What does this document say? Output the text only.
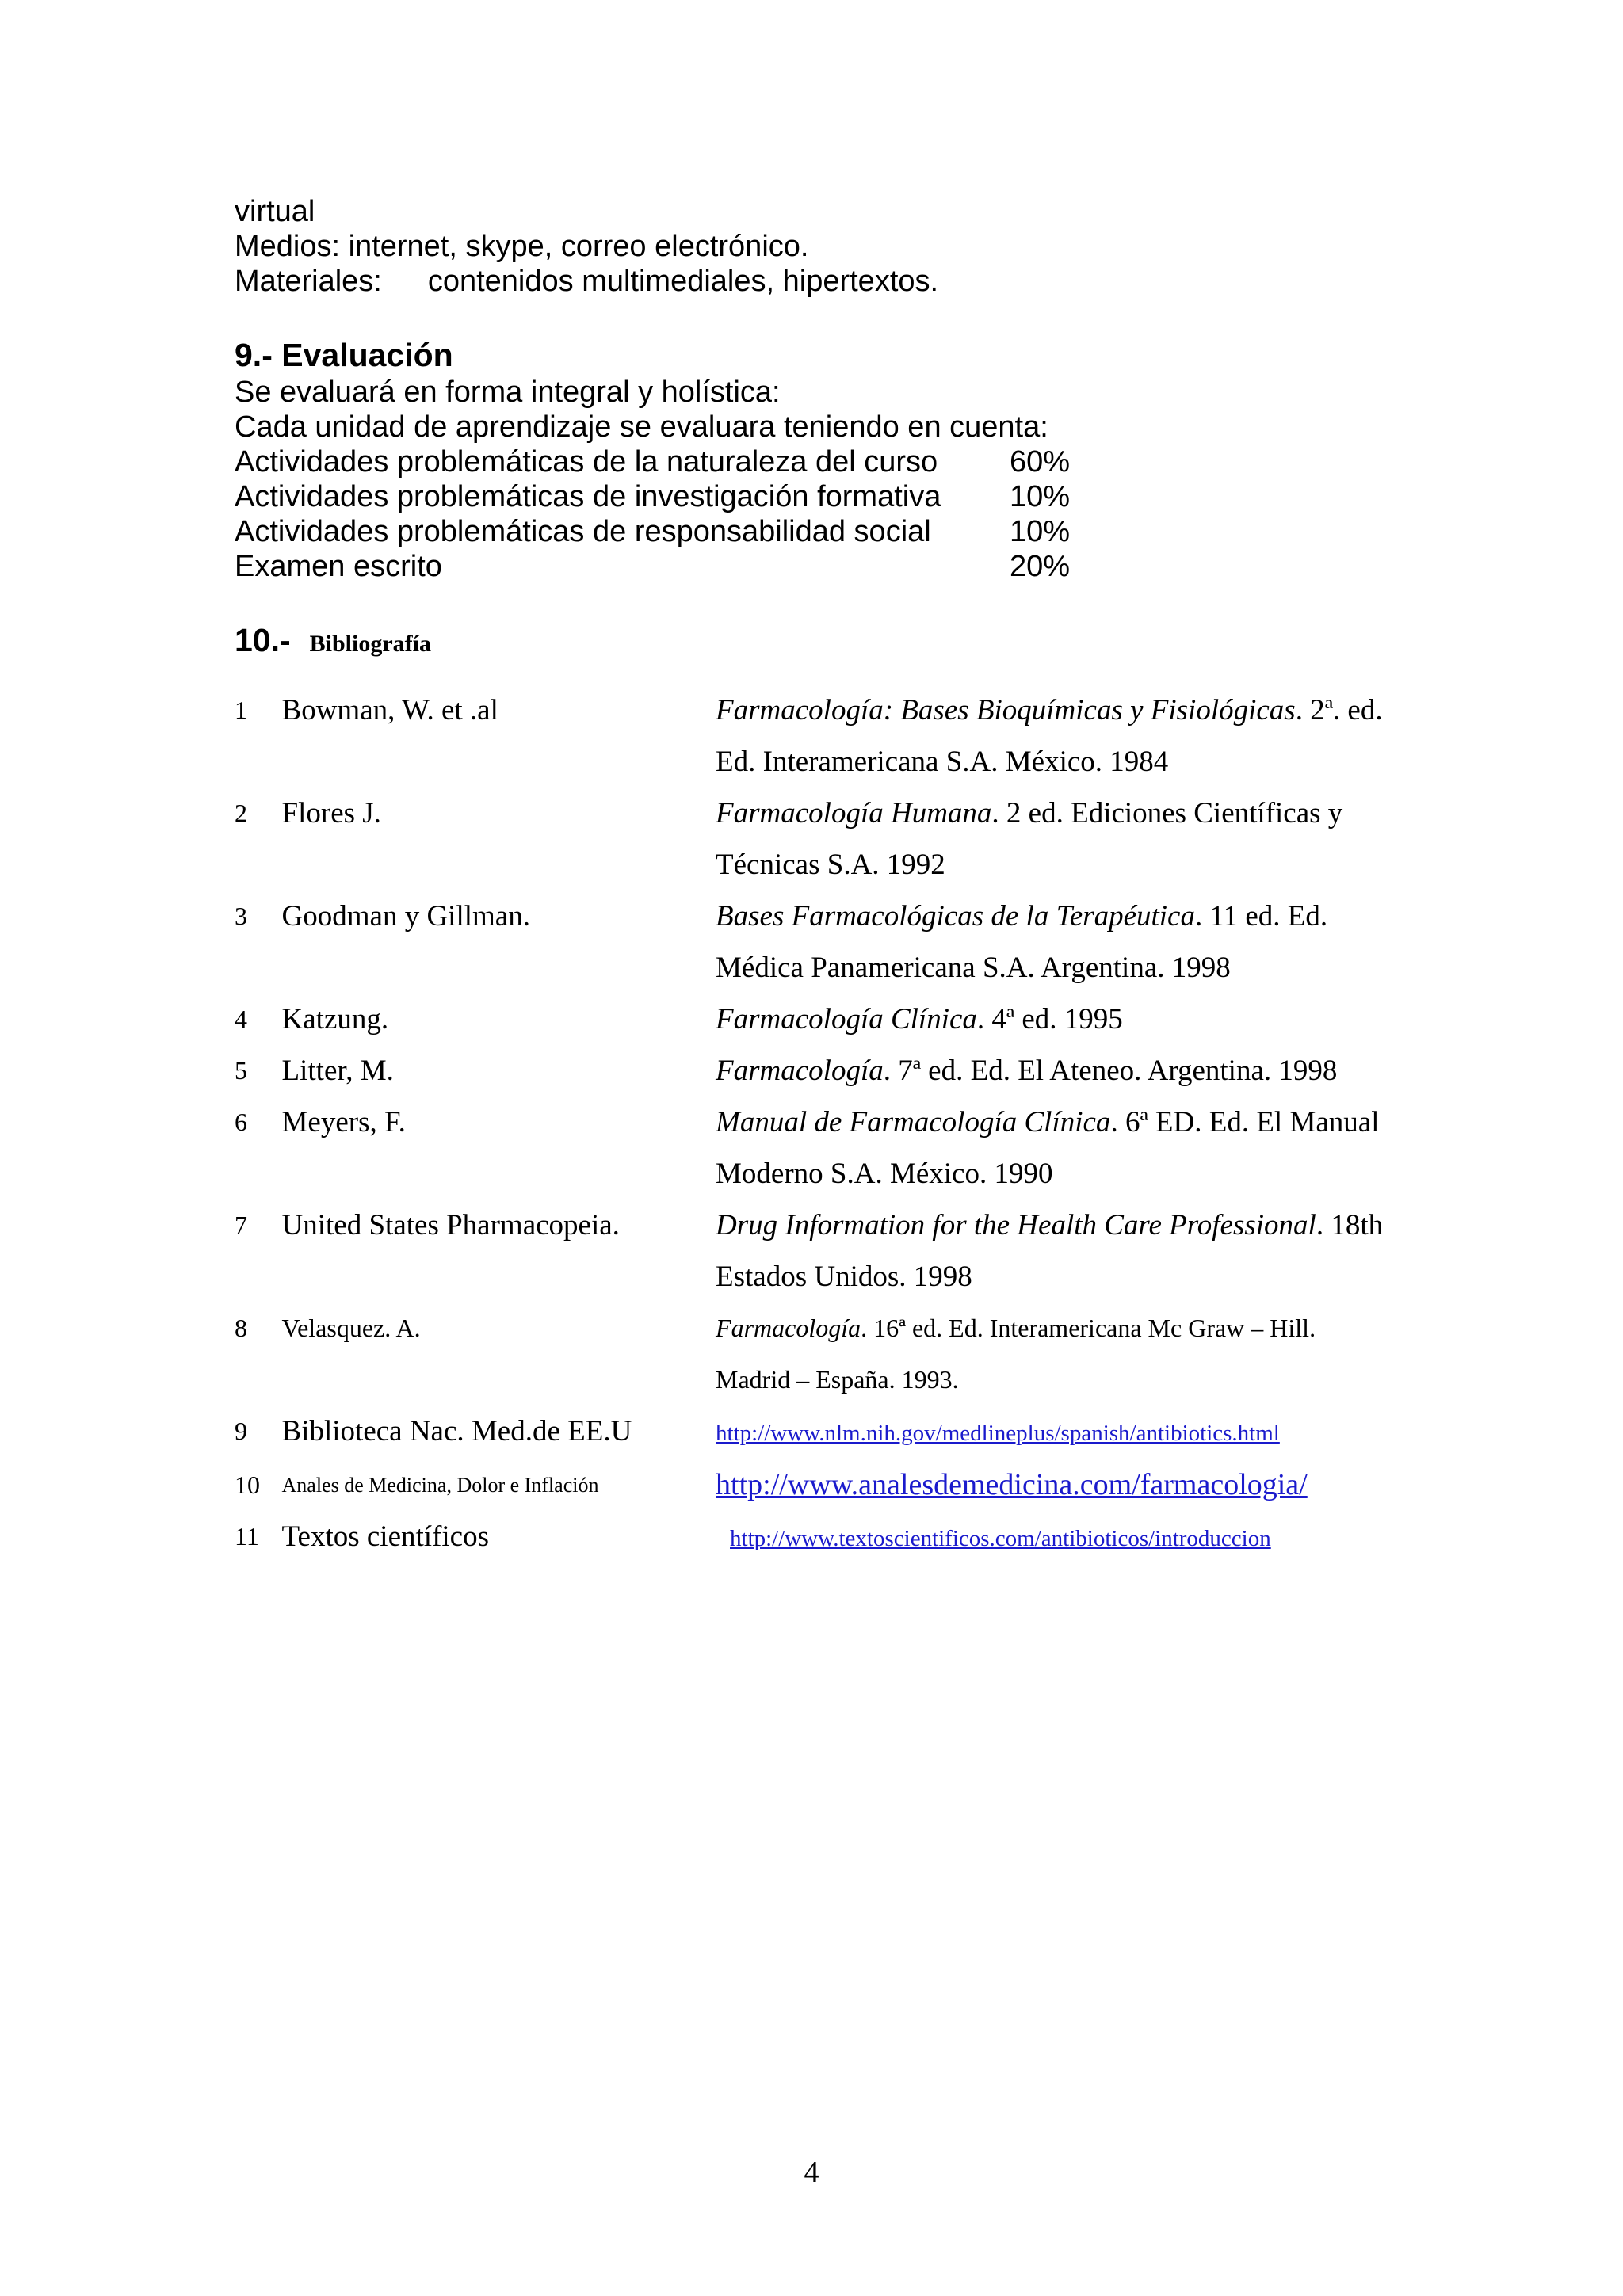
virtual
Medios: internet, skype, correo electrónico.
Materiales: contenidos multimediales, hipertextos.
9.- Evaluación
Se evaluará en forma integral y holística:
Cada unidad de aprendizaje se evaluara teniendo en cuenta:
Actividades problemáticas de la naturaleza del curso	60%
Actividades problemáticas de investigación formativa	10%
Actividades problemáticas de responsabilidad social	10%
Examen escrito	20%
10.- Bibliografía
1	Bowman, W. et .al	Farmacología: Bases Bioquímicas y Fisiológicas. 2ª. ed. Ed. Interamericana S.A. México. 1984
2	Flores J.	Farmacología Humana. 2 ed. Ediciones Científicas y Técnicas S.A. 1992
3	Goodman y Gillman.	Bases Farmacológicas de la Terapéutica. 11 ed. Ed. Médica Panamericana S.A. Argentina. 1998
4	Katzung.	Farmacología Clínica. 4ª ed. 1995
5	Litter, M.	Farmacología. 7ª ed. Ed. El Ateneo. Argentina. 1998
6	Meyers, F.	Manual de Farmacología Clínica. 6ª ED. Ed. El Manual Moderno S.A. México. 1990
7	United States Pharmacopeia.	Drug Information for the Health Care Professional. 18th Estados Unidos. 1998
8	Velasquez. A.	Farmacología. 16ª ed. Ed. Interamericana Mc Graw – Hill. Madrid – España. 1993.
9	Biblioteca Nac. Med.de EE.U	http://www.nlm.nih.gov/medlineplus/spanish/antibiotics.html
10	Anales de Medicina, Dolor e Inflación	http://www.analesdemedicina.com/farmacologia/
11 Textos científicos	http://www.textoscientificos.com/antibioticos/introduccion
4
